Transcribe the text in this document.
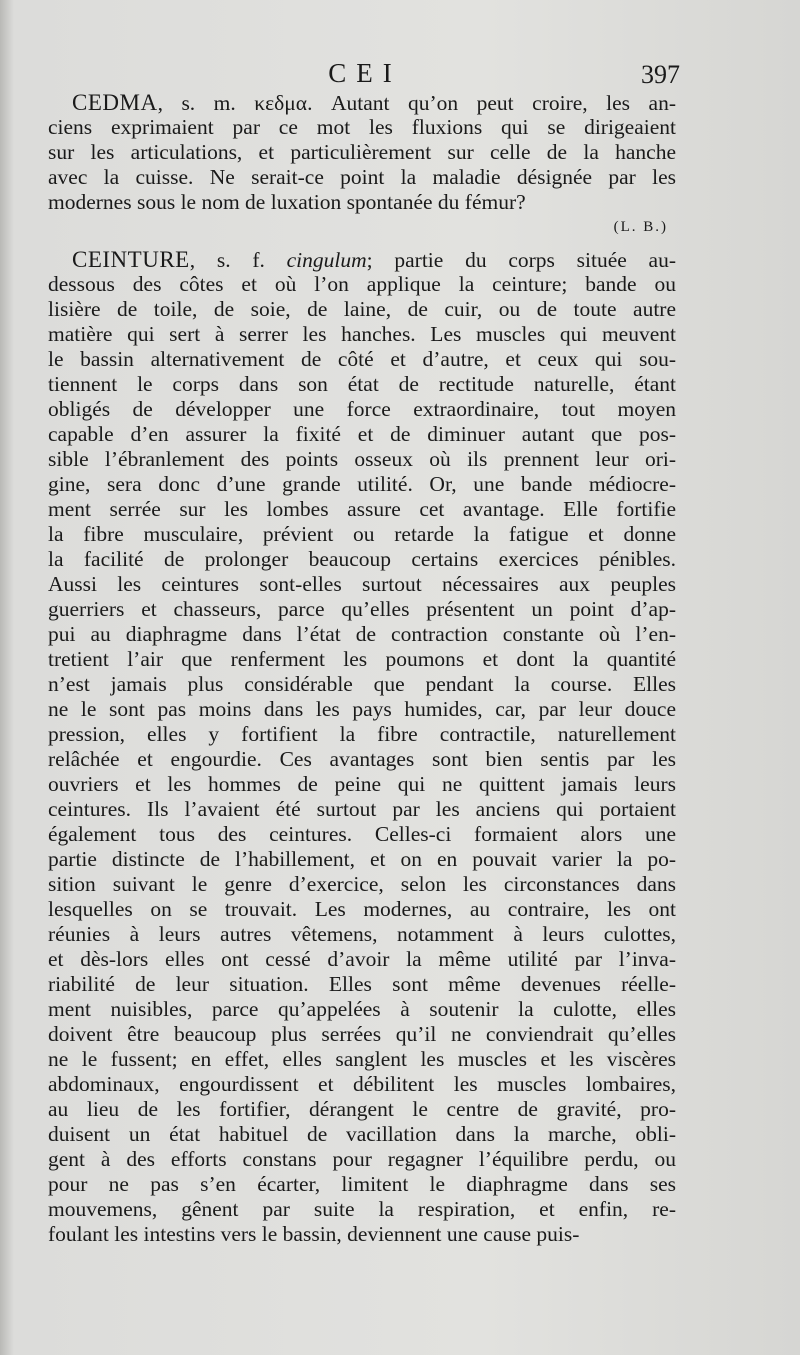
CEI	397
CEDMA, s. m. κεδμα. Autant qu’on peut croire, les an-
ciens exprimaient par ce mot les fluxions qui se dirigeaient
sur les articulations, et particulièrement sur celle de la hanche
avec la cuisse. Ne serait-ce point la maladie désignée par les
modernes sous le nom de luxation spontanée du fémur?
(L. B.)
CEINTURE, s. f. cingulum; partie du corps située au-
dessous des côtes et où l’on applique la ceinture; bande ou
lisière de toile, de soie, de laine, de cuir, ou de toute autre
matière qui sert à serrer les hanches. Les muscles qui meuvent
le bassin alternativement de côté et d’autre, et ceux qui sou-
tiennent le corps dans son état de rectitude naturelle, étant
obligés de développer une force extraordinaire, tout moyen
capable d’en assurer la fixité et de diminuer autant que pos-
sible l’ébranlement des points osseux où ils prennent leur ori-
gine, sera donc d’une grande utilité. Or, une bande médiocre-
ment serrée sur les lombes assure cet avantage. Elle fortifie
la fibre musculaire, prévient ou retarde la fatigue et donne
la facilité de prolonger beaucoup certains exercices pénibles.
Aussi les ceintures sont-elles surtout nécessaires aux peuples
guerriers et chasseurs, parce qu’elles présentent un point d’ap-
pui au diaphragme dans l’état de contraction constante où l’en-
tretient l’air que renferment les poumons et dont la quantité
n’est jamais plus considérable que pendant la course. Elles
ne le sont pas moins dans les pays humides, car, par leur douce
pression, elles y fortifient la fibre contractile, naturellement
relâchée et engourdie. Ces avantages sont bien sentis par les
ouvriers et les hommes de peine qui ne quittent jamais leurs
ceintures. Ils l’avaient été surtout par les anciens qui portaient
également tous des ceintures. Celles-ci formaient alors une
partie distincte de l’habillement, et on en pouvait varier la po-
sition suivant le genre d’exercice, selon les circonstances dans
lesquelles on se trouvait. Les modernes, au contraire, les ont
réunies à leurs autres vêtemens, notamment à leurs culottes,
et dès-lors elles ont cessé d’avoir la même utilité par l’inva-
riabilité de leur situation. Elles sont même devenues réelle-
ment nuisibles, parce qu’appelées à soutenir la culotte, elles
doivent être beaucoup plus serrées qu’il ne conviendrait qu’elles
ne le fussent; en effet, elles sanglent les muscles et les viscères
abdominaux, engourdissent et débilitent les muscles lombaires,
au lieu de les fortifier, dérangent le centre de gravité, pro-
duisent un état habituel de vacillation dans la marche, obli-
gent à des efforts constans pour regagner l’équilibre perdu, ou
pour ne pas s’en écarter, limitent le diaphragme dans ses
mouvemens, gênent par suite la respiration, et enfin, re-
foulant les intestins vers le bassin, deviennent une cause puis-
